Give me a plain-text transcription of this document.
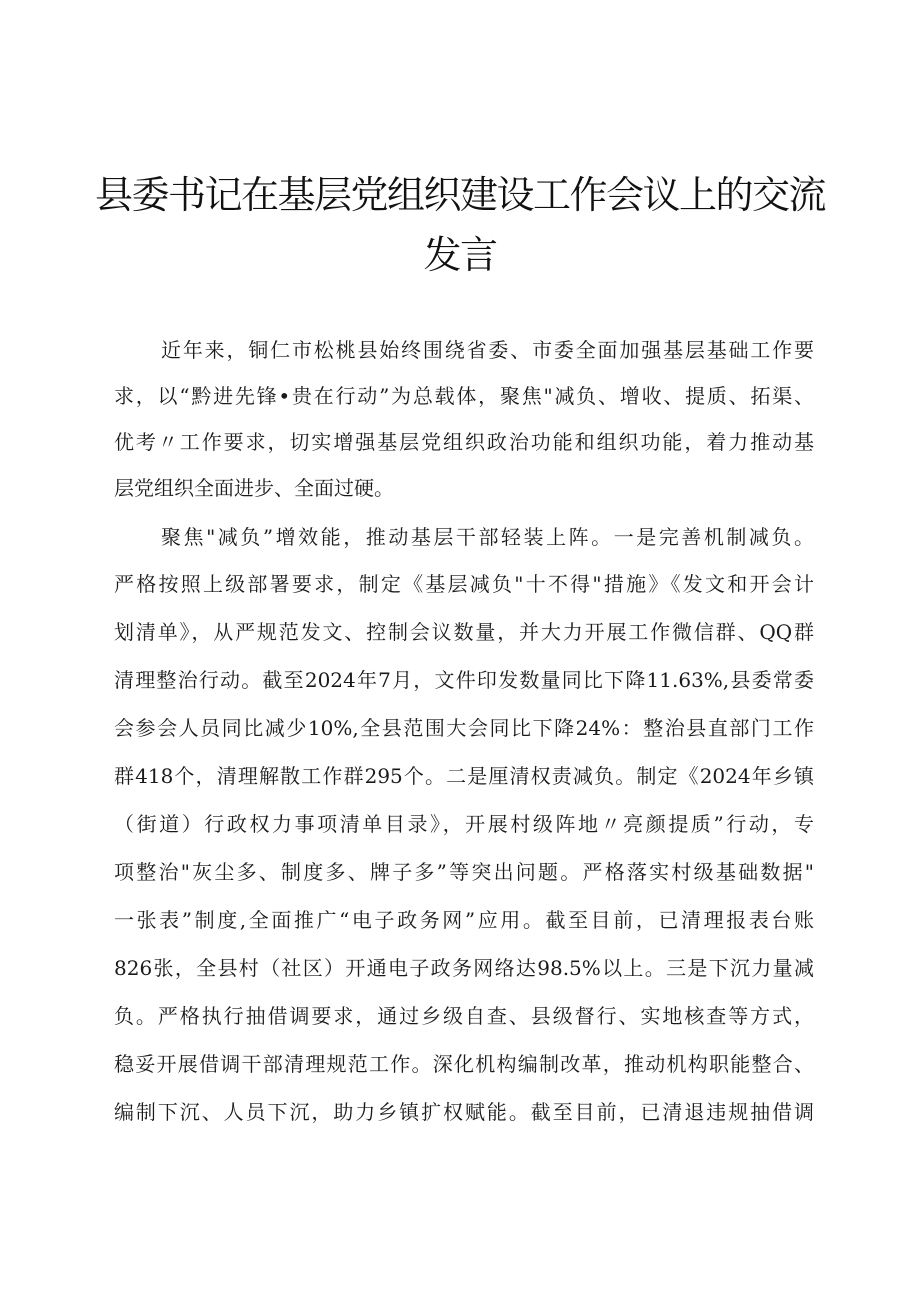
县委书记在基层党组织建设工作会议上的交流
发言
近年来，铜仁市松桃县始终围绕省委、市委全面加强基层基础工作要
求，以“黔进先锋•贵在行动”为总载体，聚焦"减负、增收、提质、拓渠、
优考〃工作要求，切实增强基层党组织政治功能和组织功能，着力推动基
层党组织全面进步、全面过硬。
聚焦"减负”增效能，推动基层干部轻装上阵。一是完善机制减负。
严格按照上级部署要求，制定《基层减负"十不得"措施》《发文和开会计
划清单》，从严规范发文、控制会议数量，并大力开展工作微信群、QQ群
清理整治行动。截至2024年7月，文件印发数量同比下降11.63%,县委常委
会参会人员同比减少10%,全县范围大会同比下降24%：整治县直部门工作
群418个，清理解散工作群295个。二是厘清权责减负。制定《2024年乡镇
（街道）行政权力事项清单目录》，开展村级阵地〃亮颜提质”行动，专
项整治"灰尘多、制度多、牌子多”等突出问题。严格落实村级基础数据"
一张表”制度,全面推广“电子政务网”应用。截至目前，已清理报表台账
826张，全县村（社区）开通电子政务网络达98.5%以上。三是下沉力量减
负。严格执行抽借调要求，通过乡级自查、县级督行、实地核查等方式，
稳妥开展借调干部清理规范工作。深化机构编制改革，推动机构职能整合、
编制下沉、人员下沉，助力乡镇扩权赋能。截至目前，已清退违规抽借调
